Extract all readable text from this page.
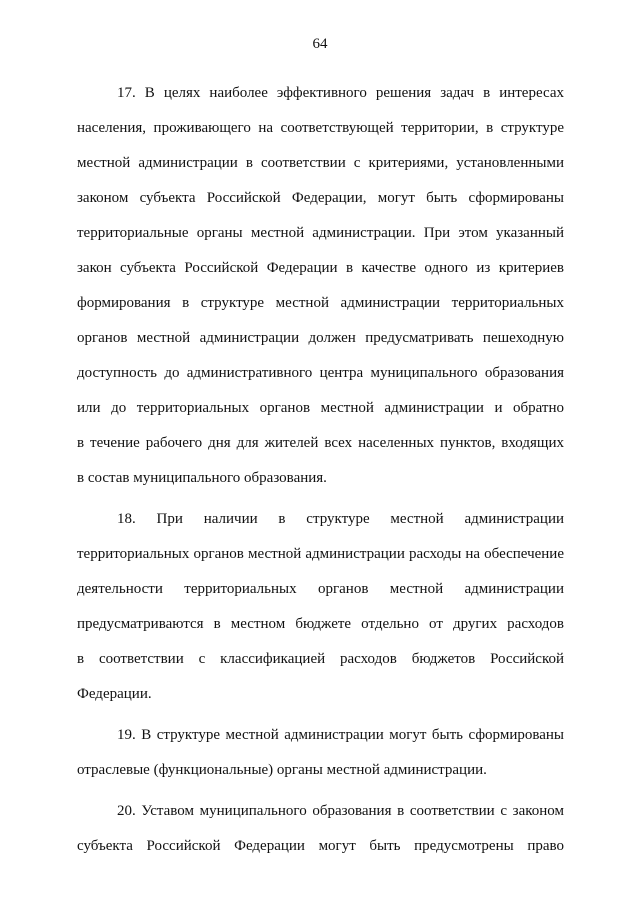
64

17. В целях наиболее эффективного решения задач в интересах
населения, проживающего на соответствующей территории, в структуре
местной администрации в соответствии с критериями, установленными
законом субъекта Российской Федерации, могут быть сформированы
территориальные органы местной администрации. При этом указанный
закон субъекта Российской Федерации в качестве одного из критериев
формирования в структуре местной администрации территориальных
органов местной администрации должен предусматривать пешеходную
доступность до административного центра муниципального образования
или до территориальных органов местной администрации и обратно
в течение рабочего дня для жителей всех населенных пунктов, входящих
в состав муниципального образования.

18. При наличии в структуре местной администрации
территориальных органов местной администрации расходы на обеспечение
деятельности территориальных органов местной администрации
предусматриваются в местном бюджете отдельно от других расходов
в соответствии с классификацией расходов бюджетов Российской
Федерации.

19. В структуре местной администрации могут быть сформированы
отраслевые (функциональные) органы местной администрации.

20. Уставом муниципального образования в соответствии с законом
субъекта Российской Федерации могут быть предусмотрены право
